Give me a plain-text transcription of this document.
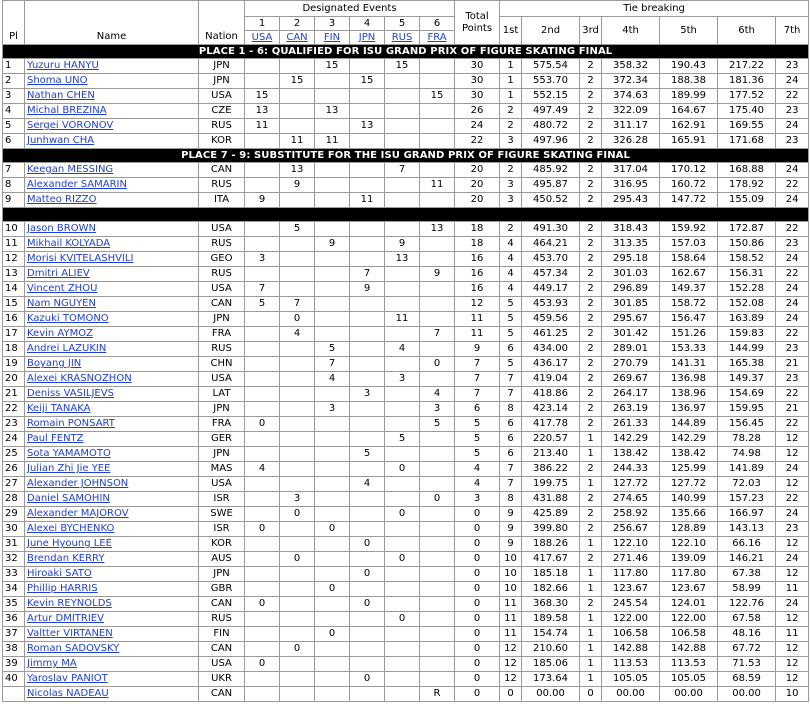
Pl	Name	Nation	Designated Events						Total
Points	Tie breaking						
			1	2	3	4	5	6		1st	2nd	3rd	4th	5th	6th	7th
			USA	CAN	FIN	JPN	RUS	FRA								
PLACE 1 - 6: QUALIFIED FOR ISU GRAND PRIX OF FIGURE SKATING FINAL																
1	Yuzuru HANYU	JPN			15		15		30	1	575.54	2	358.32	190.43	217.22	23
2	Shoma UNO	JPN		15		15			30	1	553.70	2	372.34	188.38	181.36	24
3	Nathan CHEN	USA	15					15	30	1	552.15	2	374.63	189.99	177.52	22
4	Michal BREZINA	CZE	13		13				26	2	497.49	2	322.09	164.67	175.40	23
5	Sergei VORONOV	RUS	11			13			24	2	480.72	2	311.17	162.91	169.55	24
6	Junhwan CHA	KOR		11	11				22	3	497.96	2	326.28	165.91	171.68	23
PLACE 7 - 9: SUBSTITUTE FOR THE ISU GRAND PRIX OF FIGURE SKATING FINAL																
7	Keegan MESSING	CAN		13			7		20	2	485.92	2	317.04	170.12	168.88	24
8	Alexander SAMARIN	RUS		9				11	20	3	495.87	2	316.95	160.72	178.92	22
9	Matteo RIZZO	ITA	9			11			20	3	450.52	2	295.43	147.72	155.09	24

10	Jason BROWN	USA		5				13	18	2	491.30	2	318.43	159.92	172.87	22
11	Mikhail KOLYADA	RUS			9		9		18	4	464.21	2	313.35	157.03	150.86	23
12	Morisi KVITELASHVILI	GEO	3				13		16	4	453.70	2	295.18	158.64	158.52	24
13	Dmitri ALIEV	RUS				7		9	16	4	457.34	2	301.03	162.67	156.31	22
14	Vincent ZHOU	USA	7			9			16	4	449.17	2	296.89	149.37	152.28	24
15	Nam NGUYEN	CAN	5	7					12	5	453.93	2	301.85	158.72	152.08	24
16	Kazuki TOMONO	JPN		0			11		11	5	459.56	2	295.67	156.47	163.89	24
17	Kevin AYMOZ	FRA		4				7	11	5	461.25	2	301.42	151.26	159.83	22
18	Andrei LAZUKIN	RUS			5		4		9	6	434.00	2	289.01	153.33	144.99	23
19	Boyang JIN	CHN			7			0	7	5	436.17	2	270.79	141.31	165.38	21
20	Alexei KRASNOZHON	USA			4		3		7	7	419.04	2	269.67	136.98	149.37	23
21	Deniss VASILJEVS	LAT				3		4	7	7	418.86	2	264.17	138.96	154.69	22
22	Keiji TANAKA	JPN			3			3	6	8	423.14	2	263.19	136.97	159.95	21
23	Romain PONSART	FRA	0					5	5	6	417.78	2	261.33	144.89	156.45	22
24	Paul FENTZ	GER					5		5	6	220.57	1	142.29	142.29	78.28	12
25	Sota YAMAMOTO	JPN				5			5	6	213.40	1	138.42	138.42	74.98	12
26	Julian Zhi Jie YEE	MAS	4				0		4	7	386.22	2	244.33	125.99	141.89	24
27	Alexander JOHNSON	USA				4			4	7	199.75	1	127.72	127.72	72.03	12
28	Daniel SAMOHIN	ISR		3				0	3	8	431.88	2	274.65	140.99	157.23	22
29	Alexander MAJOROV	SWE		0			0		0	9	425.89	2	258.92	135.66	166.97	24
30	Alexei BYCHENKO	ISR	0		0				0	9	399.80	2	256.67	128.89	143.13	23
31	June Hyoung LEE	KOR				0			0	9	188.26	1	122.10	122.10	66.16	12
32	Brendan KERRY	AUS		0			0		0	10	417.67	2	271.46	139.09	146.21	24
33	Hiroaki SATO	JPN				0			0	10	185.18	1	117.80	117.80	67.38	12
34	Phillip HARRIS	GBR			0				0	10	182.66	1	123.67	123.67	58.99	11
35	Kevin REYNOLDS	CAN	0			0			0	11	368.30	2	245.54	124.01	122.76	24
36	Artur DMITRIEV	RUS					0		0	11	189.58	1	122.00	122.00	67.58	12
37	Valtter VIRTANEN	FIN			0				0	11	154.74	1	106.58	106.58	48.16	11
38	Roman SADOVSKY	CAN		0					0	12	210.60	1	142.88	142.88	67.72	12
39	Jimmy MA	USA	0						0	12	185.06	1	113.53	113.53	71.53	12
40	Yaroslav PANIOT	UKR				0			0	12	173.64	1	105.05	105.05	68.59	12
	Nicolas NADEAU	CAN						R	0	0	00.00	0	00.00	00.00	00.00	10
